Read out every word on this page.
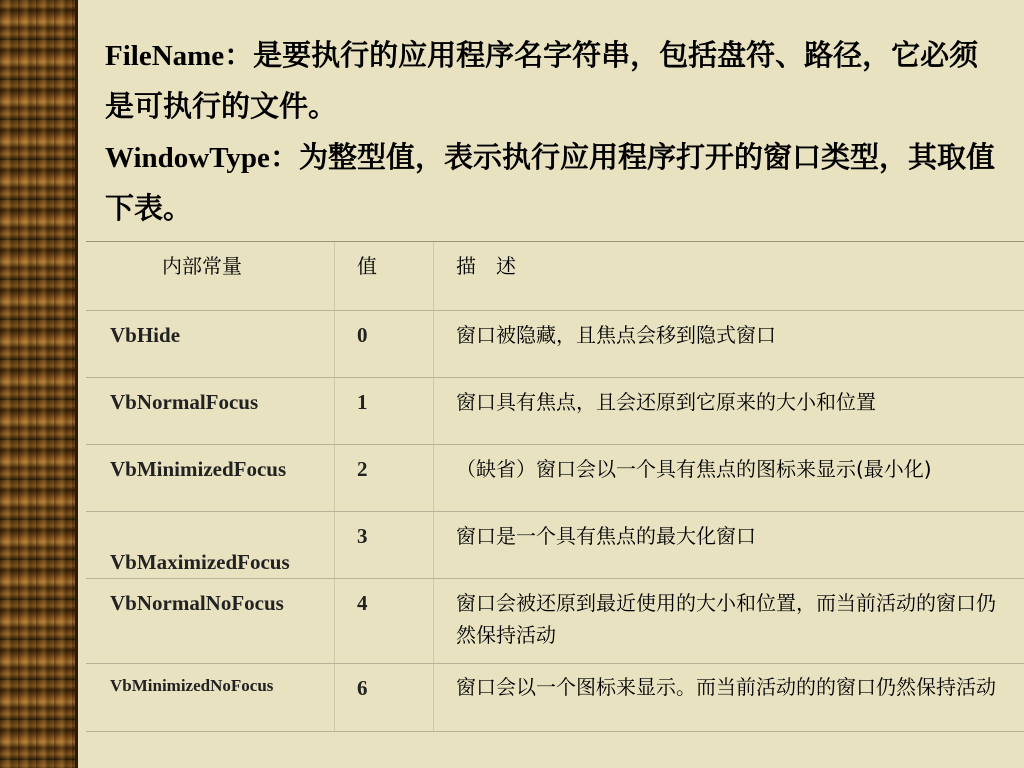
FileName：是要执行的应用程序名字符串，包括盘符、路径，它必须是可执行的文件。
WindowType：为整型值，表示执行应用程序打开的窗口类型，其取值下表。
内部常量	值	描　述

VbHide	0	窗口被隐藏，且焦点会移到隐式窗口

VbNormalFocus	1	窗口具有焦点，且会还原到它原来的大小和位置

VbMinimizedFocus	2	（缺省）窗口会以一个具有焦点的图标来显示(最小化)

VbMaximizedFocus	3	窗口是一个具有焦点的最大化窗口

VbNormalNoFocus	4	窗口会被还原到最近使用的大小和位置，而当前活动的窗口仍然保持活动

VbMinimizedNoFocus	6	窗口会以一个图标来显示。而当前活动的的窗口仍然保持活动
